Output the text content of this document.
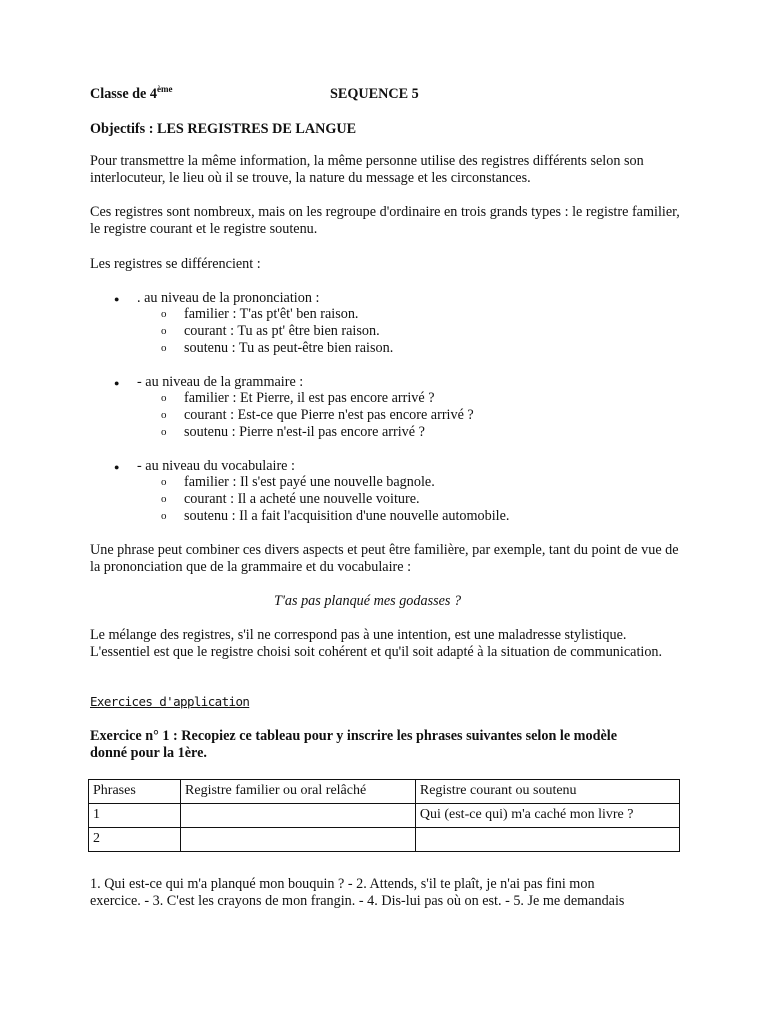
Classe de 4ème	SEQUENCE 5
Objectifs : LES REGISTRES DE LANGUE
Pour transmettre la même information, la même personne utilise des registres différents selon son interlocuteur, le lieu où il se trouve, la nature du message et les circonstances.
Ces registres sont nombreux, mais on les regroupe d'ordinaire en trois grands types : le registre familier, le registre courant et le registre soutenu.
Les registres se différencient :
● . au niveau de la prononciation :
o familier : T'as pt'êt' ben raison.
o courant : Tu as pt' être bien raison.
o soutenu : Tu as peut-être bien raison.
● - au niveau de la grammaire :
o familier : Et Pierre, il est pas encore arrivé ?
o courant : Est-ce que Pierre n'est pas encore arrivé ?
o soutenu : Pierre n'est-il pas encore arrivé ?
● - au niveau du vocabulaire :
o familier : Il s'est payé une nouvelle bagnole.
o courant : Il a acheté une nouvelle voiture.
o soutenu : Il a fait l'acquisition d'une nouvelle automobile.
Une phrase peut combiner ces divers aspects et peut être familière, par exemple, tant du point de vue de la prononciation que de la grammaire et du vocabulaire :
T'as pas planqué mes godasses ?
Le mélange des registres, s'il ne correspond pas à une intention, est une maladresse stylistique. L'essentiel est que le registre choisi soit cohérent et qu'il soit adapté à la situation de communication.
Exercices d'application
Exercice n° 1 : Recopiez ce tableau pour y inscrire les phrases suivantes selon le modèle
donné pour la 1ère.
Phrases	Registre familier ou oral relâché	Registre courant ou soutenu
1		Qui (est-ce qui) m'a caché mon livre ?
2		
1. Qui est-ce qui m'a planqué mon bouquin ? - 2. Attends, s'il te plaît, je n'ai pas fini mon
exercice. - 3. C'est les crayons de mon frangin. - 4. Dis-lui pas où on est. - 5. Je me demandais
